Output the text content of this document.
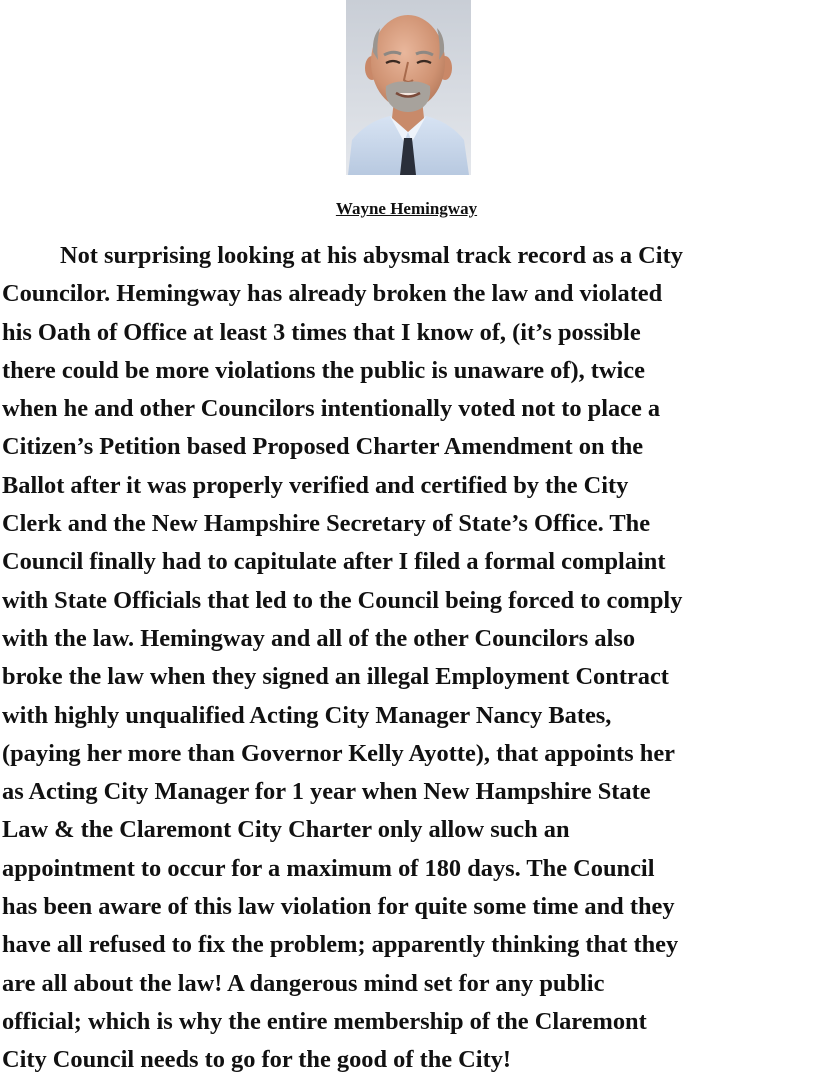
Wayne Hemingway
Not surprising looking at his abysmal track record as a City
Councilor. Hemingway has already broken the law and violated
his Oath of Office at least 3 times that I know of, (it’s possible
there could be more violations the public is unaware of), twice
when he and other Councilors intentionally voted not to place a
Citizen’s Petition based Proposed Charter Amendment on the
Ballot after it was properly verified and certified by the City
Clerk and the New Hampshire Secretary of State’s Office. The
Council finally had to capitulate after I filed a formal complaint
with State Officials that led to the Council being forced to comply
with the law. Hemingway and all of the other Councilors also
broke the law when they signed an illegal Employment Contract
with highly unqualified Acting City Manager Nancy Bates,
(paying her more than Governor Kelly Ayotte), that appoints her
as Acting City Manager for 1 year when New Hampshire State
Law & the Claremont City Charter only allow such an
appointment to occur for a maximum of 180 days. The Council
has been aware of this law violation for quite some time and they
have all refused to fix the problem; apparently thinking that they
are all about the law! A dangerous mind set for any public
official; which is why the entire membership of the Claremont
City Council needs to go for the good of the City!
